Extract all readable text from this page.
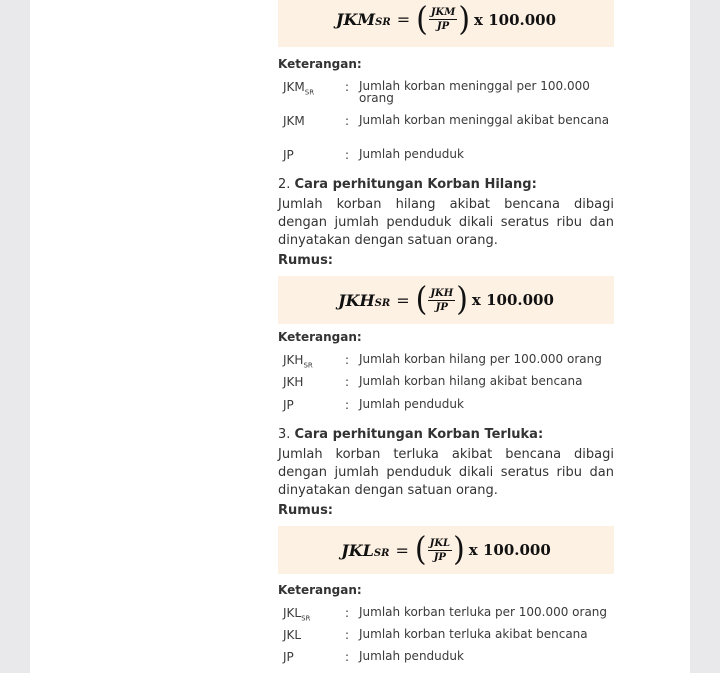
$JKM_{SR}$ = ( $\frac{\text{JKM}}{JP}$ ) x 100.000
Keterangan:
$JKM_{SR}$	: Jumlah korban meninggal per 100.000 orang
JKM	: Jumlah korban meninggal akibat bencana
JP	: Jumlah penduduk
2. Cara perhitungan Korban Hilang:
Jumlah korban hilang akibat bencana dibagi dengan jumlah penduduk dikali seratus ribu dan dinyatakan dengan satuan orang.
Rumus:
$JKH_{SR}$ = ( $\frac{\text{JKH}}{JP}$ ) x 100.000
Keterangan:
$JKH_{SR}$	: Jumlah korban hilang per 100.000 orang
JKH	: Jumlah korban hilang akibat bencana
JP	: Jumlah penduduk
3. Cara perhitungan Korban Terluka:
Jumlah korban terluka akibat bencana dibagi dengan jumlah penduduk dikali seratus ribu dan dinyatakan dengan satuan orang.
Rumus:
$JKL_{SR}$ = ( $\frac{\text{JKL}}{JP}$ ) x 100.000
Keterangan:
$JKL_{SR}$	: Jumlah korban terluka per 100.000 orang
JKL	: Jumlah korban terluka akibat bencana
JP	: Jumlah penduduk
